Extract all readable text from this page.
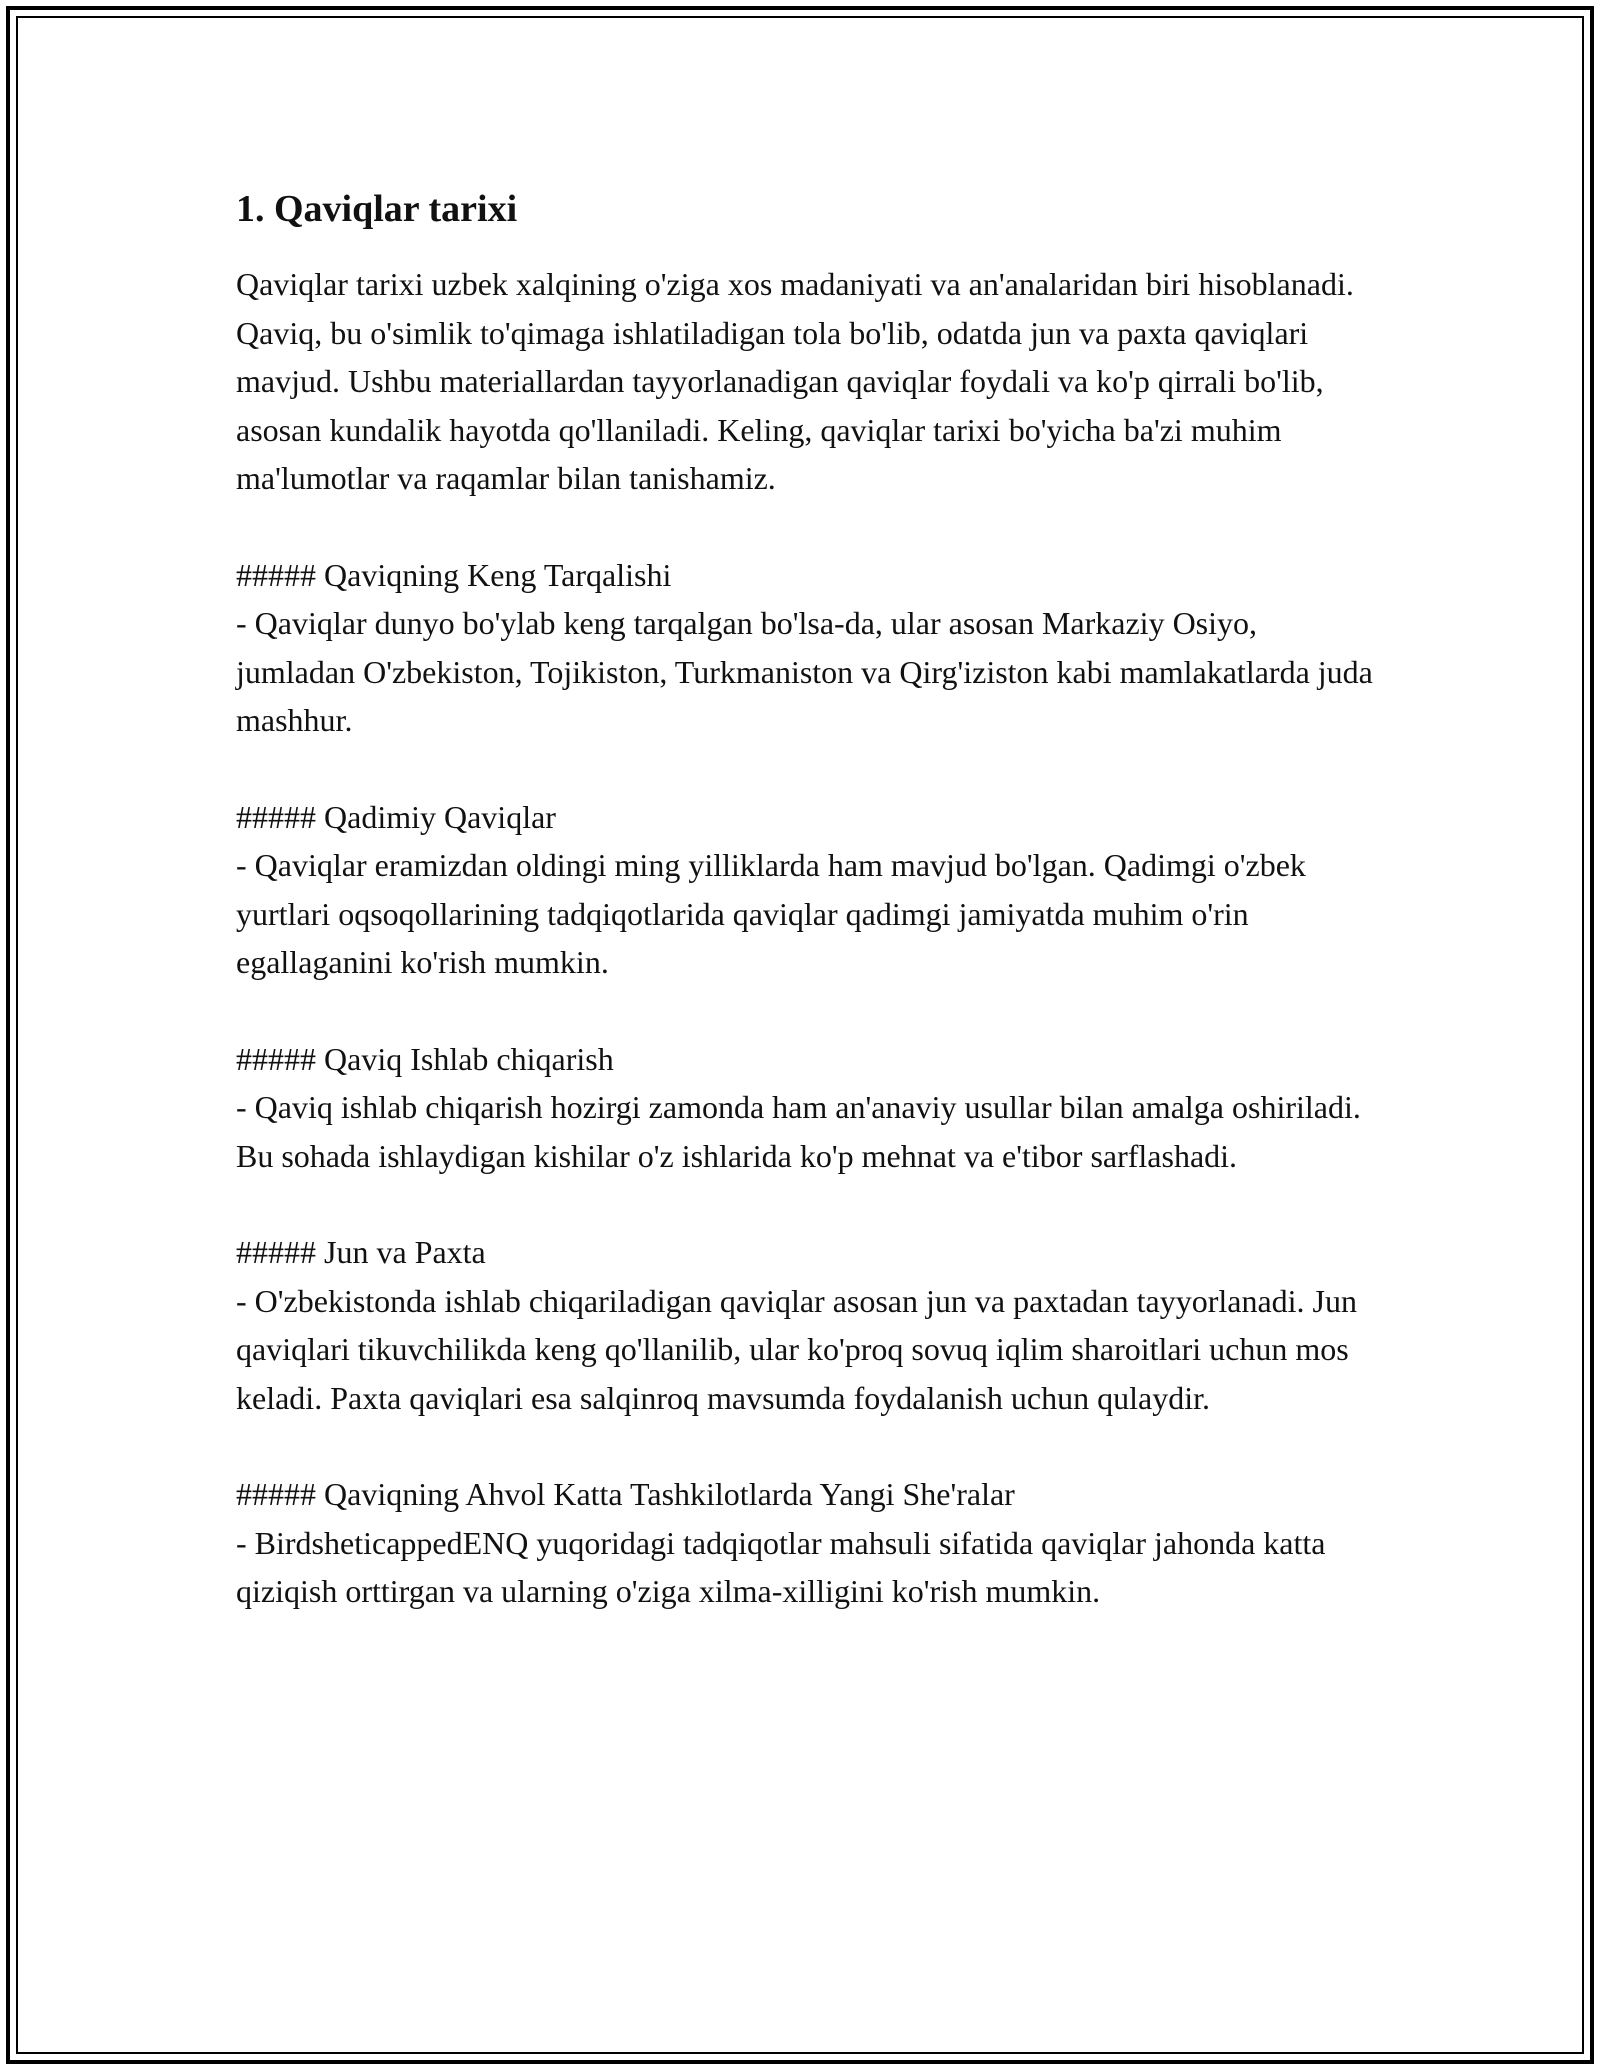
1. Qaviqlar tarixi

Qaviqlar tarixi uzbek xalqining o'ziga xos madaniyati va an'analaridan biri hisoblanadi. Qaviq, bu o'simlik to'qimaga ishlatiladigan tola bo'lib, odatda jun va paxta qaviqlari mavjud. Ushbu materiallardan tayyorlanadigan qaviqlar foydali va ko'p qirrali bo'lib, asosan kundalik hayotda qo'llaniladi. Keling, qaviqlar tarixi bo'yicha ba'zi muhim ma'lumotlar va raqamlar bilan tanishamiz.

##### Qaviqning Keng Tarqalishi

- Qaviqlar dunyo bo'ylab keng tarqalgan bo'lsa-da, ular asosan Markaziy Osiyo, jumladan O'zbekiston, Tojikiston, Turkmaniston va Qirg'iziston kabi mamlakatlarda juda mashhur.

##### Qadimiy Qaviqlar

- Qaviqlar eramizdan oldingi ming yilliklarda ham mavjud bo'lgan. Qadimgi o'zbek yurtlari oqsoqollarining tadqiqotlarida qaviqlar qadimgi jamiyatda muhim o'rin egallaganini ko'rish mumkin.

##### Qaviq Ishlab chiqarish

- Qaviq ishlab chiqarish hozirgi zamonda ham an'anaviy usullar bilan amalga oshiriladi. Bu sohada ishlaydigan kishilar o'z ishlarida ko'p mehnat va e'tibor sarflashadi.

##### Jun va Paxta

- O'zbekistonda ishlab chiqariladigan qaviqlar asosan jun va paxtadan tayyorlanadi. Jun qaviqlari tikuvchilikda keng qo'llanilib, ular ko'proq sovuq iqlim sharoitlari uchun mos keladi. Paxta qaviqlari esa salqinroq mavsumda foydalanish uchun qulaydir.

##### Qaviqning Ahvol Katta Tashkilotlarda Yangi She'ralar

- BirdsheticappedENQ yuqoridagi tadqiqotlar mahsuli sifatida qaviqlar jahonda katta qiziqish orttirgan va ularning o'ziga xilma-xilligini ko'rish mumkin.
